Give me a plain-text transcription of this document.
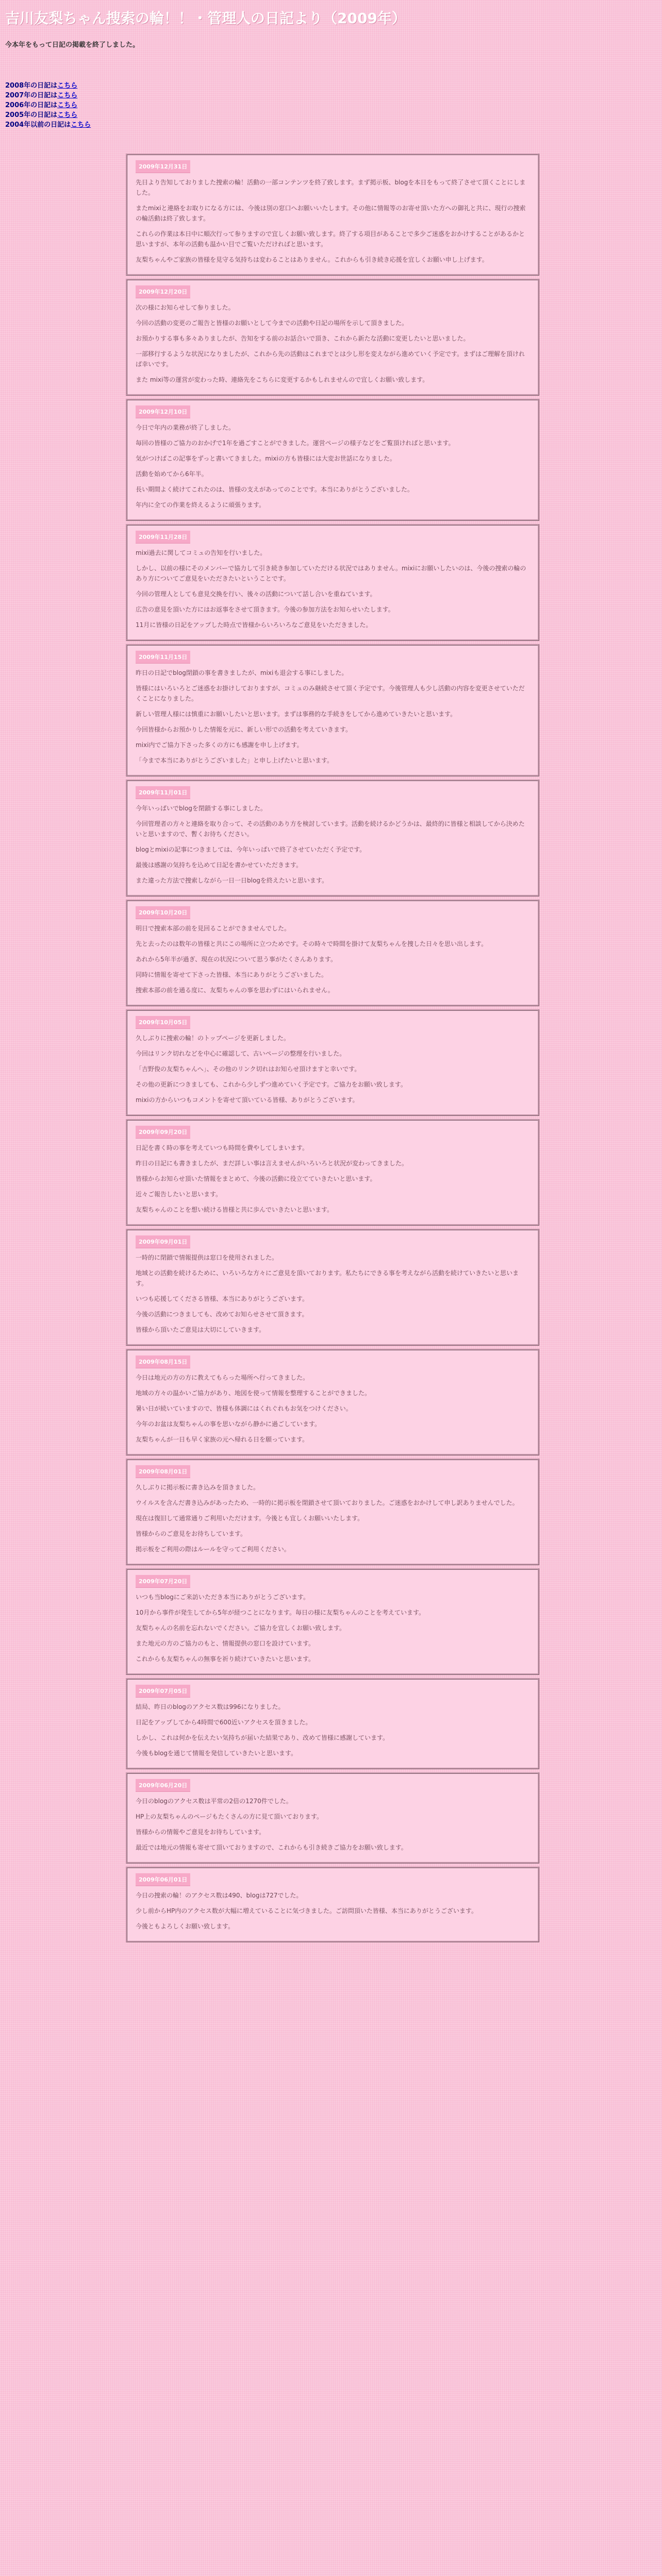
吉川友梨ちゃん捜索の輪！！・管理人の日記より（2009年）
今本年をもって日記の掲載を終了しました。
2008年の日記はこちら
2007年の日記はこちら
2006年の日記はこちら
2005年の日記はこちら
2004年以前の日記はこちら
2009年12月31日

先日より告知しておりました捜索の輪！活動の一部コンテンツを終了致します。まず掲示板、blogを本日をもって終了させて頂くことにしました。

またmixiと連絡をお取りになる方には、今後は別の窓口へお願いいたします。その他に情報等のお寄せ頂いた方への御礼と共に、現行の捜索の輪活動は終了致します。

これらの作業は本日中に順次行って参りますので宜しくお願い致します。終了する項目があることで多少ご迷惑をおかけすることがあるかと思いますが、本年の活動も温かい目でご覧いただければと思います。

友梨ちゃんやご家族の皆様を見守る気持ちは変わることはありません。これからも引き続き応援を宜しくお願い申し上げます。

2009年12月20日

次の様にお知らせして参りました。

今回の活動の変更のご報告と皆様のお願いとして今までの活動や日記の場所を示して頂きました。

お預かりする事も多々ありましたが、告知をする前のお話合いで頂き、これから新たな活動に変更したいと思いました。

一部移行するような状況になりましたが、これから先の活動はこれまでとは少し形を変えながら進めていく予定です。まずはご理解を頂ければ幸いです。

また mixi等の運営が変わった時、連絡先をこちらに変更するかもしれませんので宜しくお願い致します。

2009年12月10日

今日で年内の業務が終了しました。

毎回の皆様のご協力のおかげで1年を過ごすことができました。運営ページの様子などをご覧頂ければと思います。

気がつけばこの記事をずっと書いてきました。mixiの方も皆様には大変お世話になりました。

活動を始めてから6年半。

長い期間よく続けてこれたのは、皆様の支えがあってのことです。本当にありがとうございました。

年内に全ての作業を終えるように頑張ります。

2009年11月28日

mixi過去に関してコミュの告知を行いました。

しかし、以前の様にそのメンバーで協力して引き続き参加していただける状況ではありません。mixiにお願いしたいのは、今後の捜索の輪のあり方についてご意見をいただきたいということです。

今回の管理人としても意見交換を行い、後々の活動について話し合いを重ねています。

広告の意見を頂いた方にはお返事をさせて頂きます。今後の参加方法をお知らせいたします。

11月に皆様の日記をアップした時点で皆様からいろいろなご意見をいただきました。

2009年11月15日

昨日の日記でblog閉鎖の事を書きましたが、mixiも退会する事にしました。

皆様にはいろいろとご迷惑をお掛けしておりますが、コミュのみ継続させて頂く予定です。今後管理人も少し活動の内容を変更させていただくことになりました。

新しい管理人様には慎重にお願いしたいと思います。まずは事務的な手続きをしてから進めていきたいと思います。

今回皆様からお預かりした情報を元に、新しい形での活動を考えていきます。

mixi内でご協力下さった多くの方にも感謝を申し上げます。

「今まで本当にありがとうございました」と申し上げたいと思います。

2009年11月01日

今年いっぱいでblogを閉鎖する事にしました。

今回管理者の方々と連絡を取り合って、その活動のあり方を検討しています。活動を続けるかどうかは、最終的に皆様と相談してから決めたいと思いますので、暫くお待ちください。

blogとmixiの記事につきましては、今年いっぱいで終了させていただく予定です。

最後は感謝の気持ちを込めて日記を書かせていただきます。

また違った方法で捜索しながら一日一日blogを終えたいと思います。

2009年10月20日

明日で捜索本部の前を見回ることができませんでした。

先と去ったのは数年の皆様と共にこの場所に立つためです。その時々で時間を掛けて友梨ちゃんを捜した日々を思い出します。

あれから5年半が過ぎ、現在の状況について思う事がたくさんあります。

同時に情報を寄せて下さった皆様、本当にありがとうございました。

捜索本部の前を通る度に、友梨ちゃんの事を思わずにはいられません。

2009年10月05日

久しぶりに捜索の輪！のトップページを更新しました。

今回はリンク切れなどを中心に確認して、古いページの整理を行いました。

「吉野俊の友梨ちゃんへ」、その他のリンク切れはお知らせ頂けますと幸いです。

その他の更新につきましても、これから少しずつ進めていく予定です。ご協力をお願い致します。

mixiの方からいつもコメントを寄せて頂いている皆様、ありがとうございます。

2009年09月20日

日記を書く時の事を考えていつも時間を費やしてしまいます。

昨日の日記にも書きましたが、まだ詳しい事は言えませんがいろいろと状況が変わってきました。

皆様からお知らせ頂いた情報をまとめて、今後の活動に役立てていきたいと思います。

近々ご報告したいと思います。

友梨ちゃんのことを想い続ける皆様と共に歩んでいきたいと思います。

2009年09月01日

一時的に閉鎖で情報提供は窓口を使用されました。

地域との活動を続けるために、いろいろな方々にご意見を頂いております。私たちにできる事を考えながら活動を続けていきたいと思います。

いつも応援してくださる皆様、本当にありがとうございます。

今後の活動につきましても、改めてお知らせさせて頂きます。

皆様から頂いたご意見は大切にしていきます。

2009年08月15日

今日は地元の方の方に教えてもらった場所へ行ってきました。

地域の方々の温かいご協力があり、地図を使って情報を整理することができました。

暑い日が続いていますので、皆様も体調にはくれぐれもお気をつけください。

今年のお盆は友梨ちゃんの事を思いながら静かに過ごしています。

友梨ちゃんが一日も早く家族の元へ帰れる日を願っています。

2009年08月01日

久しぶりに掲示板に書き込みを頂きました。

ウイルスを含んだ書き込みがあったため、一時的に掲示板を閉鎖させて頂いておりました。ご迷惑をおかけして申し訳ありませんでした。

現在は復旧して通常通りご利用いただけます。今後とも宜しくお願いいたします。

皆様からのご意見をお待ちしています。

掲示板をご利用の際はルールを守ってご利用ください。

2009年07月20日

いつも当blogにご来訪いただき本当にありがとうございます。

10月から事件が発生してから5年が経つことになります。毎日の様に友梨ちゃんのことを考えています。

友梨ちゃんの名前を忘れないでください。ご協力を宜しくお願い致します。

また地元の方のご協力のもと、情報提供の窓口を設けています。

これからも友梨ちゃんの無事を祈り続けていきたいと思います。

2009年07月05日

結局、昨日のblogのアクセス数は996になりました。

日記をアップしてから4時間で600近いアクセスを頂きました。

しかし、これは何かを伝えたい気持ちが届いた結果であり、改めて皆様に感謝しています。

今後もblogを通じて情報を発信していきたいと思います。

2009年06月20日

今日のblogのアクセス数は平常の2倍の1270件でした。

HP上の友梨ちゃんのページもたくさんの方に見て頂いております。

皆様からの情報やご意見をお待ちしています。

最近では地元の情報も寄せて頂いておりますので、これからも引き続きご協力をお願い致します。

2009年06月01日

今日の捜索の輪！のアクセス数は490、blogは727でした。

少し前からHP内のアクセス数が大幅に増えていることに気づきました。ご訪問頂いた皆様、本当にありがとうございます。

今後ともよろしくお願い致します。
